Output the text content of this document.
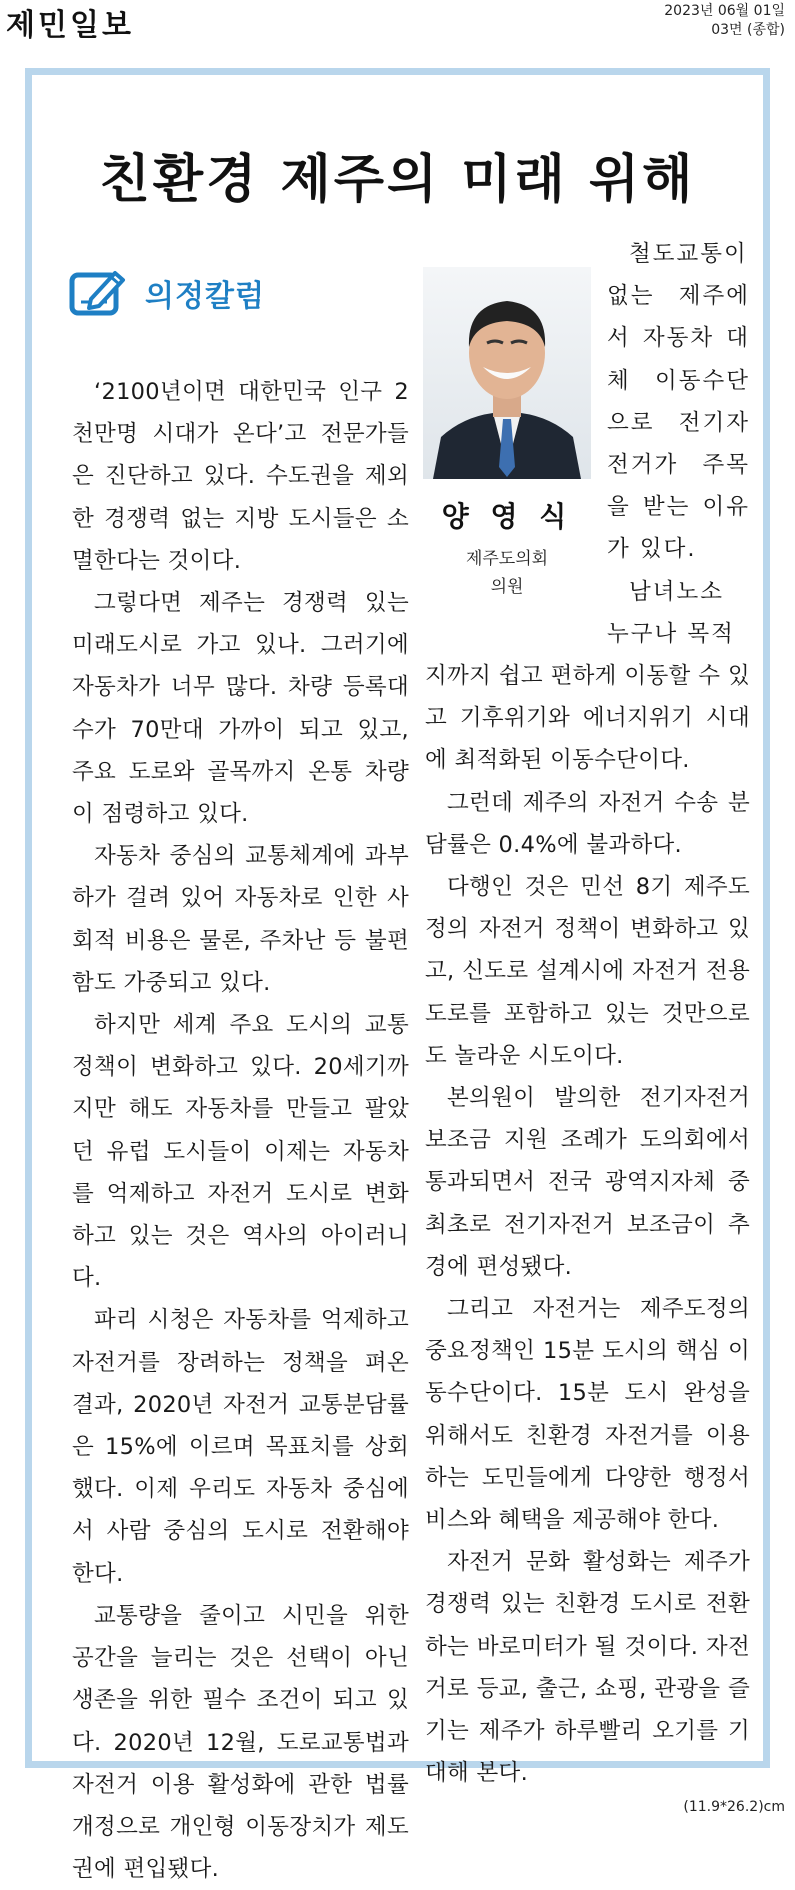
제민일보	2023년 06월 01일
03면 (종합)
친환경 제주의 미래 위해
의정칼럼

‘2100년이면 대한민국 인구 2천만명 시대가 온다’고 전문가들은 진단하고 있다. 수도권을 제외한 경쟁력 없는 지방 도시들은 소멸한다는 것이다.

그렇다면 제주는 경쟁력 있는 미래도시로 가고 있나. 그러기에 자동차가 너무 많다. 차량 등록대수가 70만대 가까이 되고 있고, 주요 도로와 골목까지 온통 차량이 점령하고 있다.

자동차 중심의 교통체계에 과부하가 걸려 있어 자동차로 인한 사회적 비용은 물론, 주차난 등 불편함도 가중되고 있다.

하지만 세계 주요 도시의 교통정책이 변화하고 있다. 20세기까지만 해도 자동차를 만들고 팔았던 유럽 도시들이 이제는 자동차를 억제하고 자전거 도시로 변화하고 있는 것은 역사의 아이러니다.

파리 시청은 자동차를 억제하고 자전거를 장려하는 정책을 펴온 결과, 2020년 자전거 교통분담률은 15%에 이르며 목표치를 상회했다. 이제 우리도 자동차 중심에서 사람 중심의 도시로 전환해야 한다.

교통량을 줄이고 시민을 위한 공간을 늘리는 것은 선택이 아닌 생존을 위한 필수 조건이 되고 있다. 2020년 12월, 도로교통법과 자전거 이용 활성화에 관한 법률 개정으로 개인형 이동장치가 제도권에 편입됐다.

양 영 식
제주도의회
의원

철도교통이 없는 제주에서 자동차 대체 이동수단으로 전기자전거가 주목을 받는 이유가 있다.

남녀노소 누구나 목적

지까지 쉽고 편하게 이동할 수 있고 기후위기와 에너지위기 시대에 최적화된 이동수단이다.

그런데 제주의 자전거 수송 분담률은 0.4%에 불과하다.

다행인 것은 민선 8기 제주도정의 자전거 정책이 변화하고 있고, 신도로 설계시에 자전거 전용도로를 포함하고 있는 것만으로도 놀라운 시도이다.

본의원이 발의한 전기자전거 보조금 지원 조례가 도의회에서 통과되면서 전국 광역지자체 중 최초로 전기자전거 보조금이 추경에 편성됐다.

그리고 자전거는 제주도정의 중요정책인 15분 도시의 핵심 이동수단이다. 15분 도시 완성을 위해서도 친환경 자전거를 이용하는 도민들에게 다양한 행정서비스와 혜택을 제공해야 한다.

자전거 문화 활성화는 제주가 경쟁력 있는 친환경 도시로 전환하는 바로미터가 될 것이다. 자전거로 등교, 출근, 쇼핑, 관광을 즐기는 제주가 하루빨리 오기를 기대해 본다.

(11.9*26.2)cm
